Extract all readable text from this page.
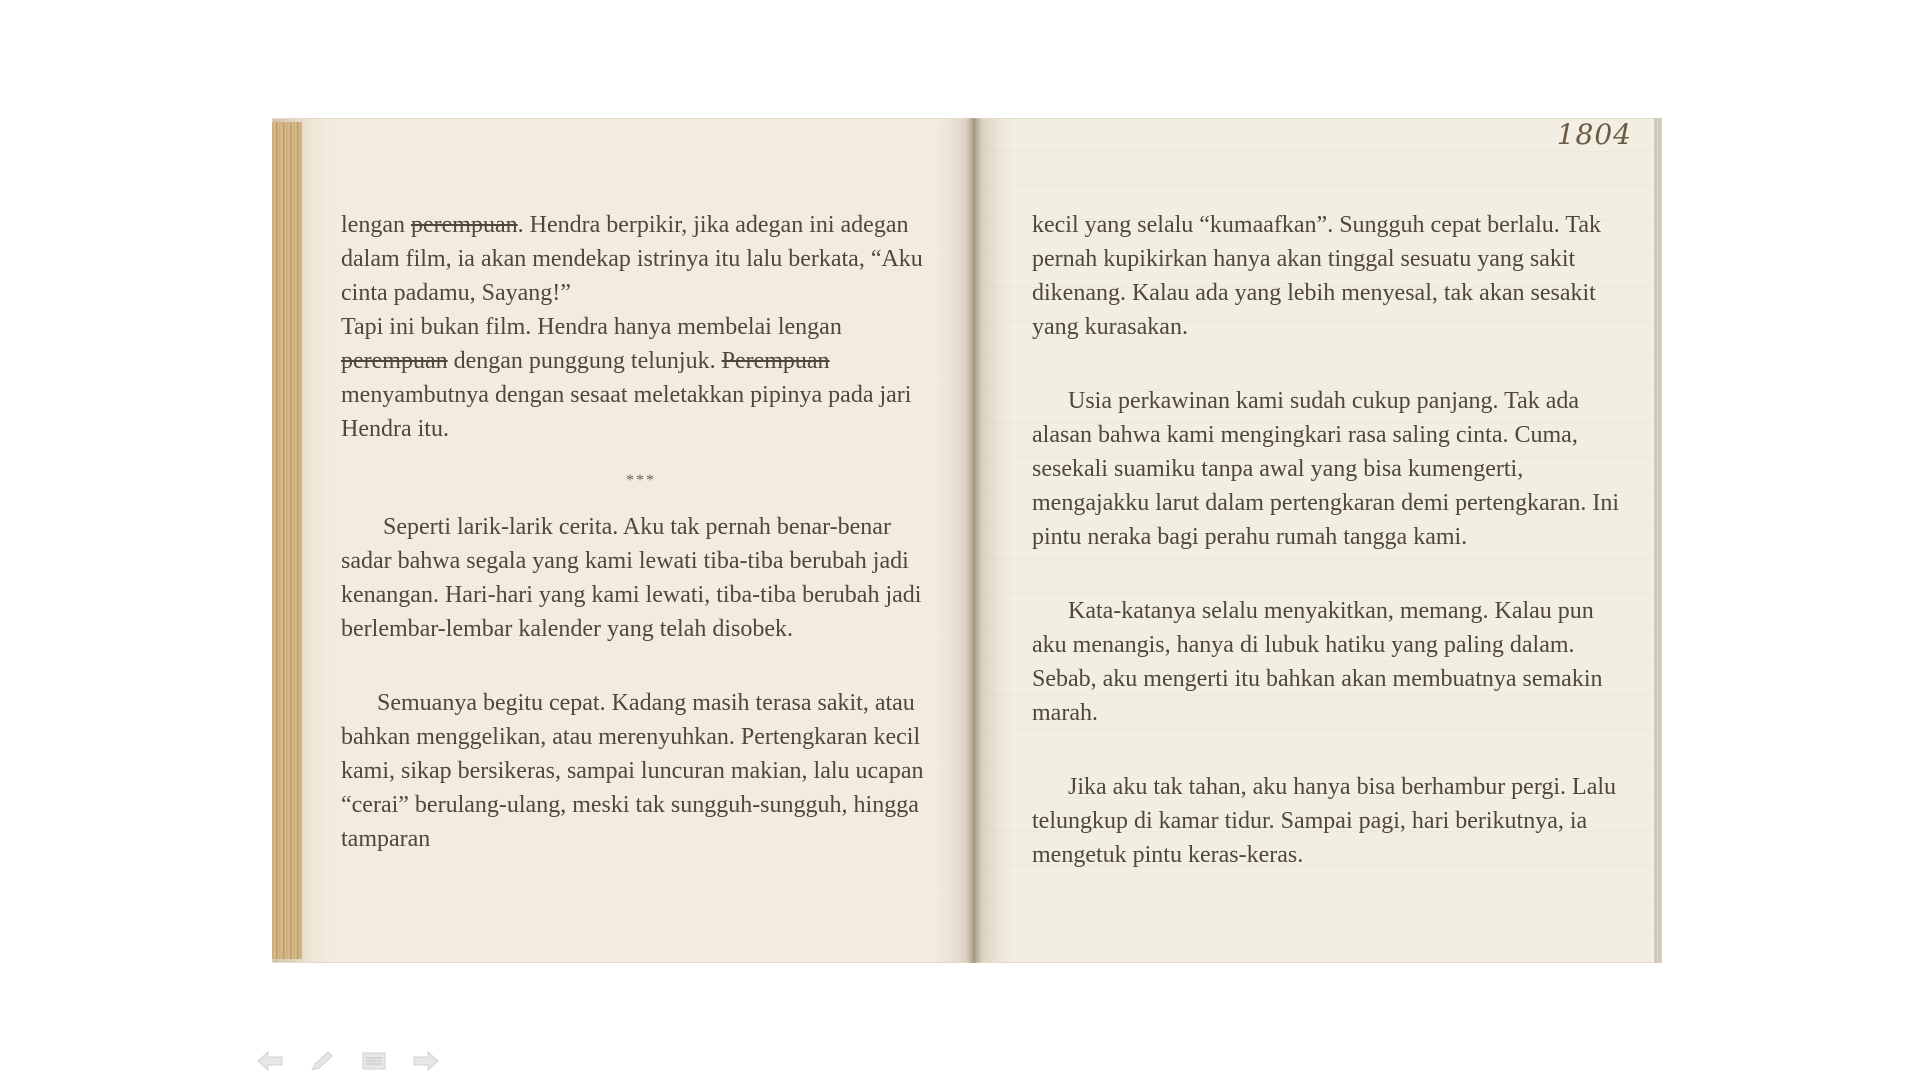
1804

lengan perempuan. Hendra berpikir, jika adegan ini adegan dalam film, ia akan mendekap istrinya itu lalu berkata, “Aku cinta padamu, Sayang!”

Tapi ini bukan film. Hendra hanya membelai lengan perempuan dengan punggung telunjuk. Perempuan menyambutnya dengan sesaat meletakkan pipinya pada jari Hendra itu.

***

Seperti larik-larik cerita. Aku tak pernah benar-benar sadar bahwa segala yang kami lewati tiba-tiba berubah jadi kenangan. Hari-hari yang kami lewati, tiba-tiba berubah jadi berlembar-lembar kalender yang telah disobek.

Semuanya begitu cepat. Kadang masih terasa sakit, atau bahkan menggelikan, atau merenyuhkan. Pertengkaran kecil kami, sikap bersikeras, sampai luncuran makian, lalu ucapan “cerai” berulang-ulang, meski tak sungguh-sungguh, hingga tamparan

kecil yang selalu “kumaafkan”. Sungguh cepat berlalu. Tak pernah kupikirkan hanya akan tinggal sesuatu yang sakit dikenang. Kalau ada yang lebih menyesal, tak akan sesakit yang kurasakan.

Usia perkawinan kami sudah cukup panjang. Tak ada alasan bahwa kami mengingkari rasa saling cinta. Cuma, sesekali suamiku tanpa awal yang bisa kumengerti, mengajakku larut dalam pertengkaran demi pertengkaran. Ini pintu neraka bagi perahu rumah tangga kami.

Kata-katanya selalu menyakitkan, memang. Kalau pun aku menangis, hanya di lubuk hatiku yang paling dalam. Sebab, aku mengerti itu bahkan akan membuatnya semakin marah.

Jika aku tak tahan, aku hanya bisa berhambur pergi. Lalu telungkup di kamar tidur. Sampai pagi, hari berikutnya, ia mengetuk pintu keras-keras.
